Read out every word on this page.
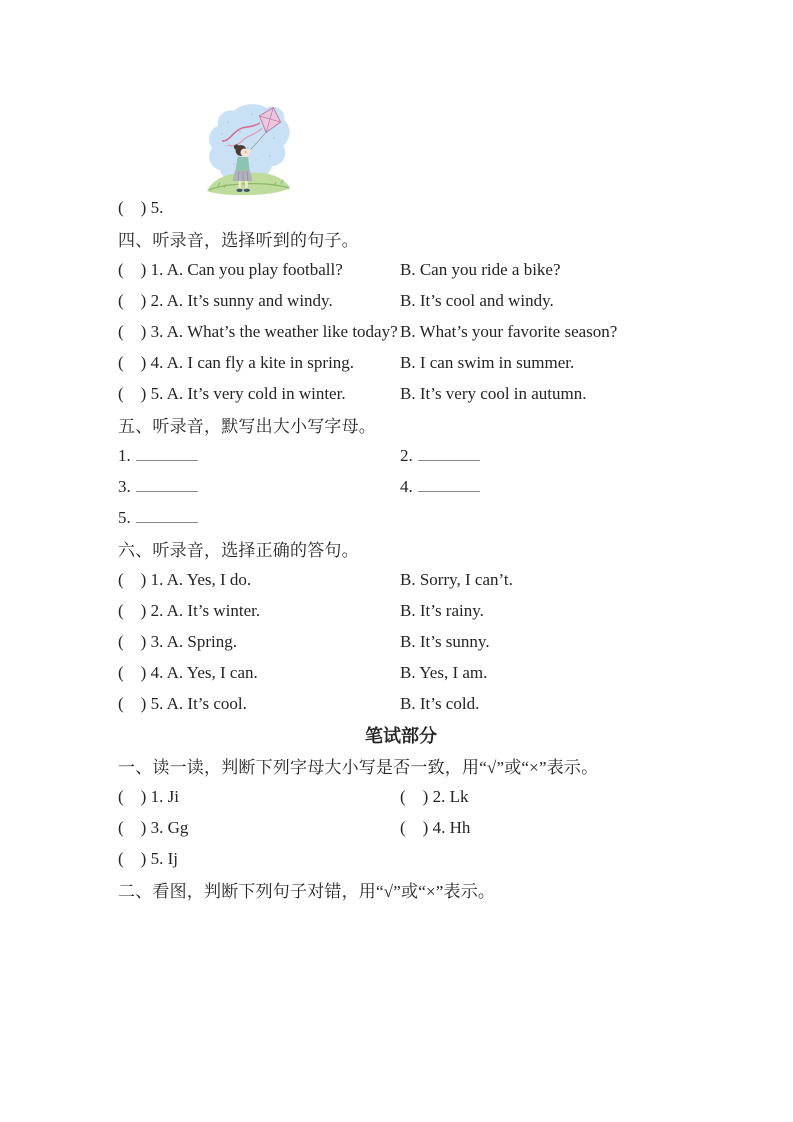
(    ) 5.
四、听录音，选择听到的句子。
(    ) 1. A. Can you play football?	B. Can you ride a bike?
(    ) 2. A. It’s sunny and windy.	B. It’s cool and windy.
(    ) 3. A. What’s the weather like today? B. What’s your favorite season?
(    ) 4. A. I can fly a kite in spring.	B. I can swim in summer.
(    ) 5. A. It’s very cold in winter.	B. It’s very cool in autumn.
五、听录音，默写出大小写字母。
1.	2.
3.	4.
5.
六、听录音，选择正确的答句。
(    ) 1. A. Yes, I do.	B. Sorry, I can’t.
(    ) 2. A. It’s winter.	B. It’s rainy.
(    ) 3. A. Spring.	B. It’s sunny.
(    ) 4. A. Yes, I can.	B. Yes, I am.
(    ) 5. A. It’s cool.	B. It’s cold.
笔试部分
一、读一读，判断下列字母大小写是否一致，用“√”或“×”表示。
(    ) 1. Ji	(    ) 2. Lk
(    ) 3. Gg	(    ) 4. Hh
(    ) 5. Ij
二、看图，判断下列句子对错，用“√”或“×”表示。
